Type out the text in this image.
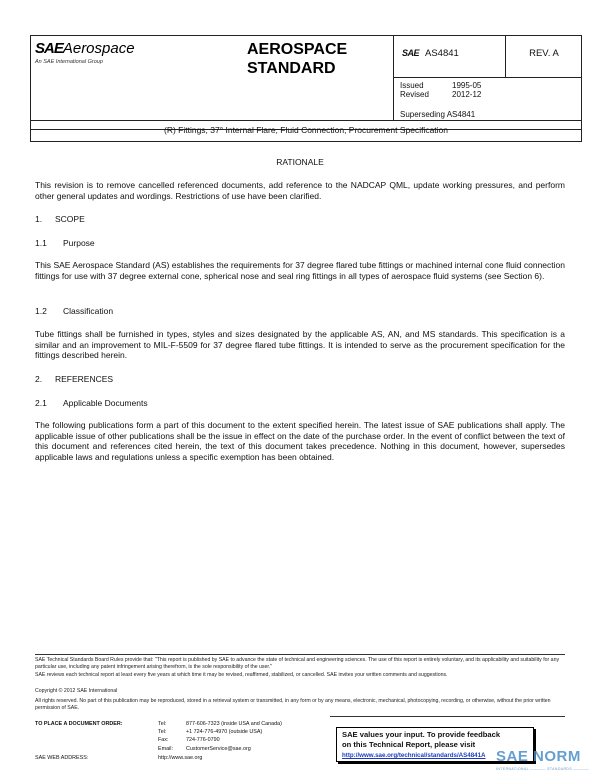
SAEAerospace
An SAE International Group
AEROSPACE
STANDARD
SAE AS4841	REV. A
Issued	1995-05
Revised	2012-12
Superseding AS4841
(R) Fittings, 37° Internal Flare, Fluid Connection, Procurement Specification
RATIONALE
This revision is to remove cancelled referenced documents, add reference to the NADCAP QML, update working pressures, and perform other general updates and wordings. Restrictions of use have been clarified.
1. SCOPE
1.1 Purpose
This SAE Aerospace Standard (AS) establishes the requirements for 37 degree flared tube fittings or machined internal cone fluid connection fittings for use with 37 degree external cone, spherical nose and seal ring fittings in all types of aerospace fluid systems (see Section 6).
1.2 Classification
Tube fittings shall be furnished in types, styles and sizes designated by the applicable AS, AN, and MS standards. This specification is a similar and an improvement to MIL-F-5509 for 37 degree flared tube fittings. It is intended to serve as the procurement specification for the fittings described herein.
2. REFERENCES
2.1 Applicable Documents
The following publications form a part of this document to the extent specified herein. The latest issue of SAE publications shall apply. The applicable issue of other publications shall be the issue in effect on the date of the purchase order. In the event of conflict between the text of this document and references cited herein, the text of this document takes precedence. Nothing in this document, however, supersedes applicable laws and regulations unless a specific exemption has been obtained.
SAE Technical Standards Board Rules provide that: "This report is published by SAE to advance the state of technical and engineering sciences. The use of this report is entirely voluntary, and its applicability and suitability for any particular use, including any patent infringement arising therefrom, is the sole responsibility of the user."
SAE reviews each technical report at least every five years at which time it may be revised, reaffirmed, stabilized, or cancelled. SAE invites your written comments and suggestions.
Copyright © 2012 SAE International
All rights reserved. No part of this publication may be reproduced, stored in a retrieval system or transmitted, in any form or by any means, electronic, mechanical, photocopying, recording, or otherwise, without the prior written permission of SAE.
TO PLACE A DOCUMENT ORDER:	Tel:	877-606-7323 (inside USA and Canada)
Tel:	+1 724-776-4970 (outside USA)
Fax:	724-776-0790
Email: CustomerService@sae.org
SAE WEB ADDRESS:	http://www.sae.org
SAE values your input. To provide feedback
on this Technical Report, please visit
http://www.sae.org/technical/standards/AS4841A SAE NORM
INTERNATIONAL ———— STANDARDS ————
